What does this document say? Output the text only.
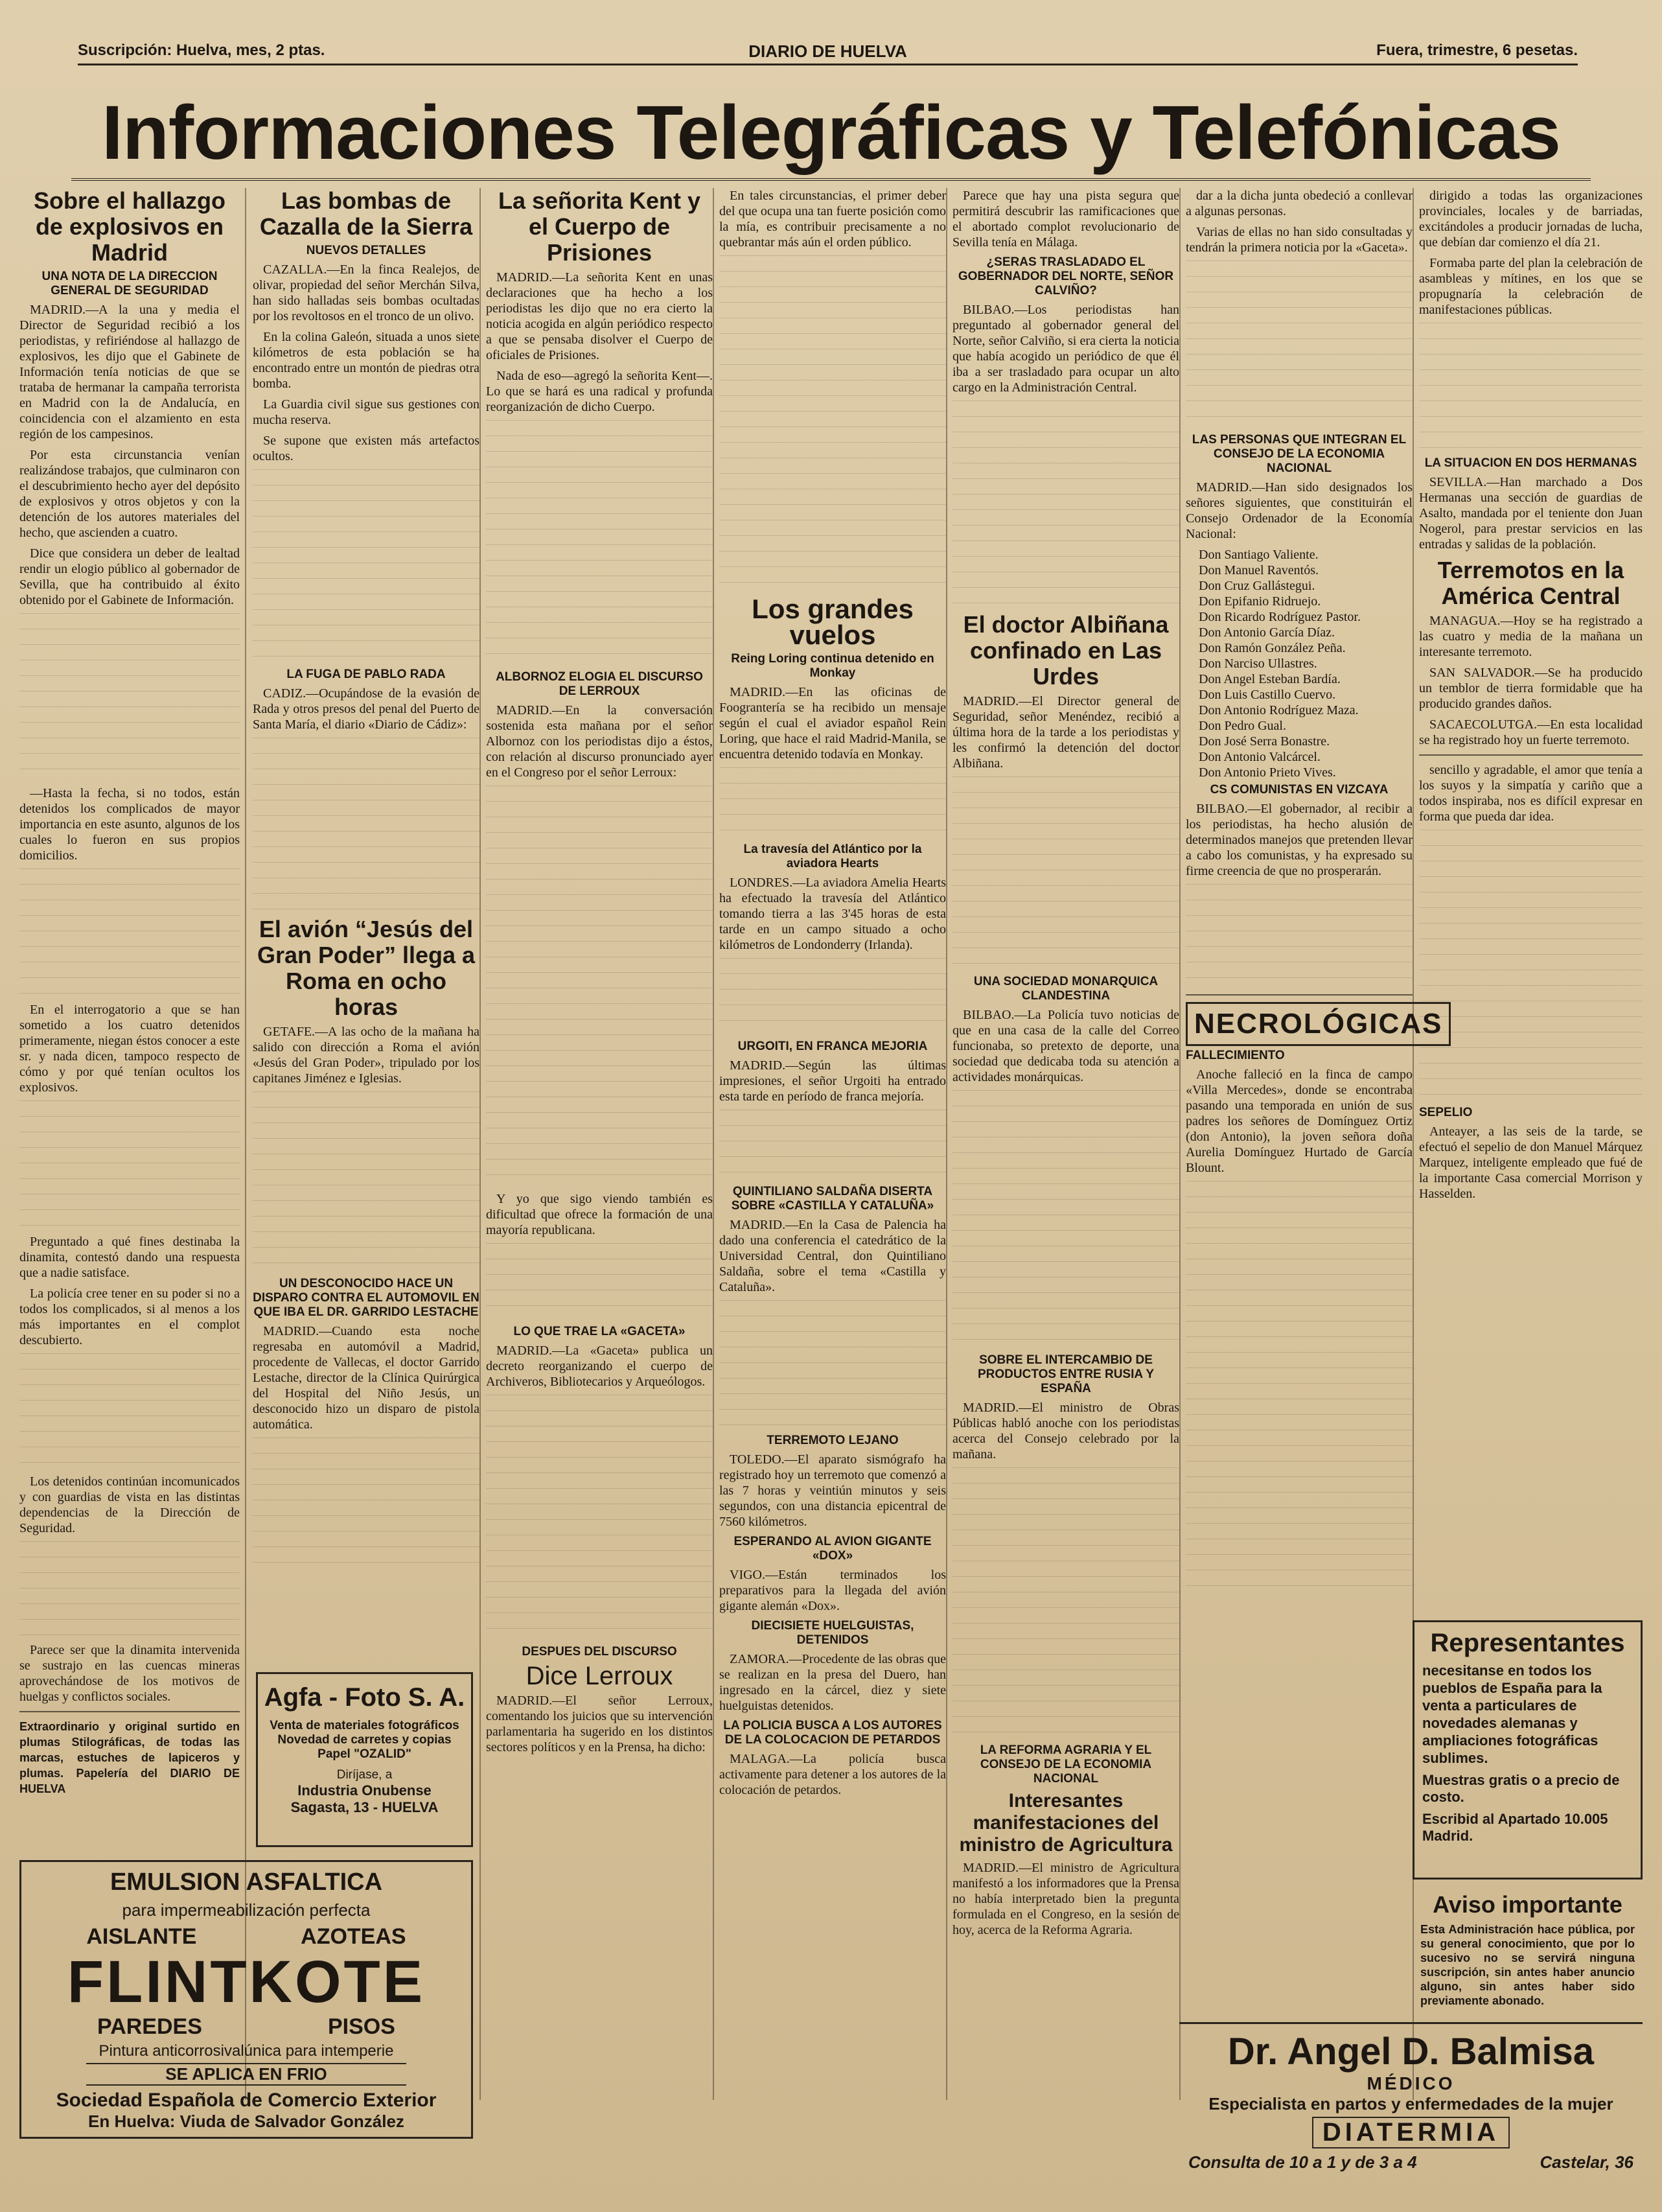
Suscripción: Huelva, mes, 2 ptas.	DIARIO DE HUELVA	Fuera, trimestre, 6 pesetas.
Informaciones Telegráficas y Telefónicas
Sobre el hallazgo de explosivos en Madrid
UNA NOTA DE LA DIRECCION GENERAL DE SEGURIDAD

MADRID.—A la una y media el Director de Seguridad recibió a los periodistas, y refiriéndose al hallazgo de explosivos, les dijo que el Gabinete de Información tenía noticias de que se trataba de hermanar la campaña terrorista en Madrid con la de Andalucía, en coincidencia con el alzamiento en esta región de los campesinos.

Por esta circunstancia venían realizándose trabajos, que culminaron con el descubrimiento hecho ayer del depósito de explosivos y otros objetos y con la detención de los autores materiales del hecho, que ascienden a cuatro.

Dice que considera un deber de lealtad rendir un elogio público al gobernador de Sevilla, que ha contribuido al éxito obtenido por el Gabinete de Información.

—Hasta la fecha, si no todos, están detenidos los complicados de mayor importancia en este asunto, algunos de los cuales lo fueron en sus propios domicilios.

En el interrogatorio a que se han sometido a los cuatro detenidos primeramente, niegan éstos conocer a este sr. y nada dicen, tampoco respecto de cómo y por qué tenían ocultos los explosivos.

Preguntado a qué fines destinaba la dinamita, contestó dando una respuesta que a nadie satisface.

La policía cree tener en su poder si no a todos los complicados, si al menos a los más importantes en el complot descubierto.

Los detenidos continúan incomunicados y con guardias de vista en las distintas dependencias de la Dirección de Seguridad.

Parece ser que la dinamita intervenida se sustrajo en las cuencas mineras aprovechándose de los motivos de huelgas y conflictos sociales.

Extraordinario y original surtido en plumas Stilográficas, de todas las marcas, estuches de lapiceros y plumas. Papelería del DIARIO DE HUELVA

Las bombas de Cazalla de la Sierra
NUEVOS DETALLES

CAZALLA.—En la finca Realejos, de olivar, propiedad del señor Merchán Silva, han sido halladas seis bombas ocultadas por los revoltosos en el tronco de un olivo.

En la colina Galeón, situada a unos siete kilómetros de esta población se ha encontrado entre un montón de piedras otra bomba.

La Guardia civil sigue sus gestiones con mucha reserva.

Se supone que existen más artefactos ocultos.

LA FUGA DE PABLO RADA

CADIZ.—Ocupándose de la evasión de Rada y otros presos del penal del Puerto de Santa María, el diario «Diario de Cádiz»:

El avión “Jesús del Gran Poder” llega a Roma en ocho horas

GETAFE.—A las ocho de la mañana ha salido con dirección a Roma el avión «Jesús del Gran Poder», tripulado por los capitanes Jiménez e Iglesias.

UN DESCONOCIDO HACE UN DISPARO CONTRA EL AUTOMOVIL EN QUE IBA EL DR. GARRIDO LESTACHE

MADRID.—Cuando esta noche regresaba en automóvil a Madrid, procedente de Vallecas, el doctor Garrido Lestache, director de la Clínica Quirúrgica del Hospital del Niño Jesús, un desconocido hizo un disparo de pistola automática.

Agfa - Foto S. A.
Venta de materiales fotográficos
Novedad de carretes y copias
Papel "OZALID"
Diríjase, a
Industria Onubense
Sagasta, 13 - HUELVA
EMULSION ASFALTICA
para impermeabilización perfecta
AISLANTE	AZOTEAS
FLINTKOTE
PAREDES	PISOS
Pintura anticorrosivalúnica para intemperie
SE APLICA EN FRIO
Sociedad Española de Comercio Exterior
En Huelva: Viuda de Salvador González
La señorita Kent y el Cuerpo de Prisiones

MADRID.—La señorita Kent en unas declaraciones que ha hecho a los periodistas les dijo que no era cierto la noticia acogida en algún periódico respecto a que se pensaba disolver el Cuerpo de oficiales de Prisiones.

Nada de eso—agregó la señorita Kent—. Lo que se hará es una radical y profunda reorganización de dicho Cuerpo.

ALBORNOZ ELOGIA EL DISCURSO DE LERROUX

MADRID.—En la conversación sostenida esta mañana por el señor Albornoz con los periodistas dijo a éstos, con relación al discurso pronunciado ayer en el Congreso por el señor Lerroux:

Y yo que sigo viendo también es dificultad que ofrece la formación de una mayoría republicana.

LO QUE TRAE LA «GACETA»

MADRID.—La «Gaceta» publica un decreto reorganizando el cuerpo de Archiveros, Bibliotecarios y Arqueólogos.

DESPUES DEL DISCURSO
Dice Lerroux

MADRID.—El señor Lerroux, comentando los juicios que su intervención parlamentaria ha sugerido en los distintos sectores políticos y en la Prensa, ha dicho:

En tales circunstancias, el primer deber del que ocupa una tan fuerte posición como la mía, es contribuir precisamente a no quebrantar más aún el orden público.

Los grandes vuelos
Reing Loring continua detenido en Monkay

MADRID.—En las oficinas de Foograntería se ha recibido un mensaje según el cual el aviador español Rein Loring, que hace el raid Madrid-Manila, se encuentra detenido todavía en Monkay.

La travesía del Atlántico por la aviadora Hearts

LONDRES.—La aviadora Amelia Hearts ha efectuado la travesía del Atlántico tomando tierra a las 3'45 horas de esta tarde en un campo situado a ocho kilómetros de Londonderry (Irlanda).

URGOITI, EN FRANCA MEJORIA

MADRID.—Según las últimas impresiones, el señor Urgoiti ha entrado esta tarde en período de franca mejoría.

QUINTILIANO SALDAÑA DISERTA SOBRE «CASTILLA Y CATALUÑA»

MADRID.—En la Casa de Palencia ha dado una conferencia el catedrático de la Universidad Central, don Quintiliano Saldaña, sobre el tema «Castilla y Cataluña».

TERREMOTO LEJANO

TOLEDO.—El aparato sismógrafo ha registrado hoy un terremoto que comenzó a las 7 horas y veintiún minutos y seis segundos, con una distancia epicentral de 7560 kilómetros.

ESPERANDO AL AVION GIGANTE «DOX»

VIGO.—Están terminados los preparativos para la llegada del avión gigante alemán «Dox».

DIECISIETE HUELGUISTAS, DETENIDOS

ZAMORA.—Procedente de las obras que se realizan en la presa del Duero, han ingresado en la cárcel, diez y siete huelguistas detenidos.

LA POLICIA BUSCA A LOS AUTORES DE LA COLOCACION DE PETARDOS

MALAGA.—La policía busca activamente para detener a los autores de la colocación de petardos.

Parece que hay una pista segura que permitirá descubrir las ramificaciones que el abortado complot revolucionario de Sevilla tenía en Málaga.

¿SERAS TRASLADADO EL GOBERNADOR DEL NORTE, SEÑOR CALVIÑO?

BILBAO.—Los periodistas han preguntado al gobernador general del Norte, señor Calviño, si era cierta la noticia que había acogido un periódico de que él iba a ser trasladado para ocupar un alto cargo en la Administración Central.

El doctor Albiñana confinado en Las Urdes

MADRID.—El Director general de Seguridad, señor Menéndez, recibió a última hora de la tarde a los periodistas y les confirmó la detención del doctor Albiñana.

UNA SOCIEDAD MONARQUICA CLANDESTINA

BILBAO.—La Policía tuvo noticias de que en una casa de la calle del Correo funcionaba, so pretexto de deporte, una sociedad que dedicaba toda su atención a actividades monárquicas.

SOBRE EL INTERCAMBIO DE PRODUCTOS ENTRE RUSIA Y ESPAÑA

MADRID.—El ministro de Obras Públicas habló anoche con los periodistas acerca del Consejo celebrado por la mañana.

LA REFORMA AGRARIA Y EL CONSEJO DE LA ECONOMIA NACIONAL
Interesantes manifestaciones del ministro de Agricultura

MADRID.—El ministro de Agricultura manifestó a los informadores que la Prensa no había interpretado bien la pregunta formulada en el Congreso, en la sesión de hoy, acerca de la Reforma Agraria.

dar a la dicha junta obedeció a conllevar a algunas personas.

Varias de ellas no han sido consultadas y tendrán la primera noticia por la «Gaceta».

LAS PERSONAS QUE INTEGRAN EL CONSEJO DE LA ECONOMIA NACIONAL

MADRID.—Han sido designados los señores siguientes, que constituirán el Consejo Ordenador de la Economía Nacional:

Don Santiago Valiente.
Don Manuel Raventós.
Don Cruz Gallástegui.
Don Epifanio Ridruejo.
Don Ricardo Rodríguez Pastor.
Don Antonio García Díaz.
Don Ramón González Peña.
Don Narciso Ullastres.
Don Angel Esteban Bardía.
Don Luis Castillo Cuervo.
Don Antonio Rodríguez Maza.
Don Pedro Gual.
Don José Serra Bonastre.
Don Antonio Valcárcel.
Don Antonio Prieto Vives.
CS COMUNISTAS EN VIZCAYA

BILBAO.—El gobernador, al recibir a los periodistas, ha hecho alusión de determinados manejos que pretenden llevar a cabo los comunistas, y ha expresado su firme creencia de que no prosperarán.

NECROLÓGICAS
FALLECIMIENTO

Anoche falleció en la finca de campo «Villa Mercedes», donde se encontraba pasando una temporada en unión de sus padres los señores de Domínguez Ortiz (don Antonio), la joven señora doña Aurelia Domínguez Hurtado de García Blount.

dirigido a todas las organizaciones provinciales, locales y de barriadas, excitándoles a producir jornadas de lucha, que debían dar comienzo el día 21.

Formaba parte del plan la celebración de asambleas y mítines, en los que se propugnaría la celebración de manifestaciones públicas.

LA SITUACION EN DOS HERMANAS

SEVILLA.—Han marchado a Dos Hermanas una sección de guardias de Asalto, mandada por el teniente don Juan Nogerol, para prestar servicios en las entradas y salidas de la población.

Terremotos en la América Central

MANAGUA.—Hoy se ha registrado a las cuatro y media de la mañana un interesante terremoto.

SAN SALVADOR.—Se ha producido un temblor de tierra formidable que ha producido grandes daños.

SACAECOLUTGA.—En esta localidad se ha registrado hoy un fuerte terremoto.

sencillo y agradable, el amor que tenía a los suyos y la simpatía y cariño que a todos inspiraba, nos es difícil expresar en forma que pueda dar idea.

SEPELIO

Anteayer, a las seis de la tarde, se efectuó el sepelio de don Manuel Márquez Marquez, inteligente empleado que fué de la importante Casa comercial Morrison y Hasselden.

Representantes
necesitanse en todos los pueblos de España para la venta a particulares de novedades alemanas y ampliaciones fotográficas sublimes.
Muestras gratis o a precio de costo.
Escribid al Apartado 10.005 Madrid.
Aviso importante
Esta Administración hace pública, por su general conocimiento, que por lo sucesivo no se servirá ninguna suscripción, sin antes haber anuncio alguno, sin antes haber sido previamente abonado.
Dr. Angel D. Balmisa
MÉDICO
Especialista en partos y enfermedades de la mujer
DIATERMIA
Consulta de 10 a 1 y de 3 a 4	Castelar, 36
